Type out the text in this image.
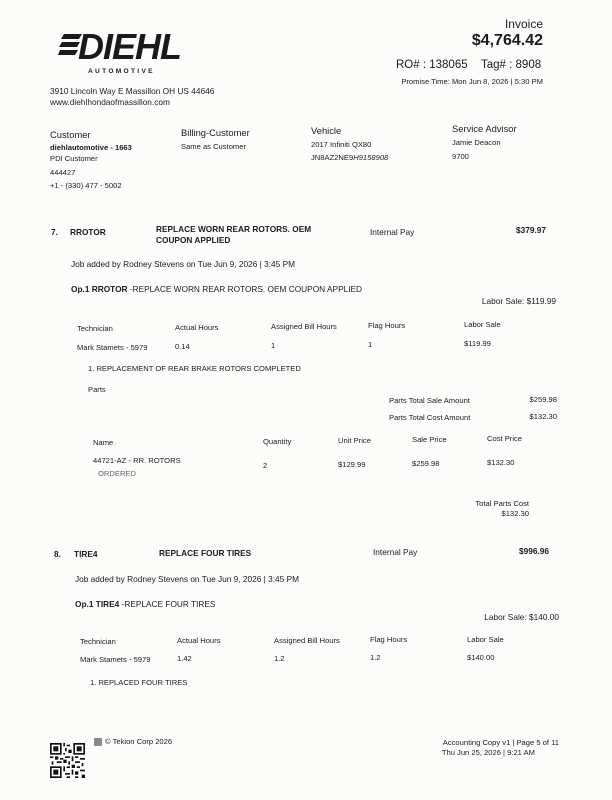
DIEHL
AUTOMOTIVE
3910 Lincoln Way E Massillon OH US 44646
www.diehlhondaofmassillon.com
Invoice
$4,764.42
RO# : 138065 Tag# : 8908
Promise Time: Mon Jun 8, 2026 | 5:30 PM
Customer
diehlautomotive - 1663
PDI Customer
444427
+1 - (330) 477 - 5002
Billing-Customer
Same as Customer
Vehicle
2017 Infiniti QX80
JN8AZ2NE9H9158908
Service Advisor
Jamie Deacon
9700
7. RROTOR	REPLACE WORN REAR ROTORS. OEM
COUPON APPLIED
Internal Pay	$379.97
Job added by Rodney Stevens on Tue Jun 9, 2026 | 3:45 PM
Op.1 RROTOR -REPLACE WORN REAR ROTORS. OEM COUPON APPLIED
Labor Sale: $119.99
Technician	Actual Hours	Assigned Bill Hours	Flag Hours	Labor Sale
Mark Stamets - 5979	0.14	1	1	$119.99
1. REPLACEMENT OF REAR BRAKE ROTORS COMPLETED
Parts
Parts Total Sale Amount	$259.98
Parts Total Cost Amount	$132.30
Name	Quantity	Unit Price	Sale Price	Cost Price
44721-AZ - RR. ROTORS
ORDERED
2	$129.99	$259.98	$132.30
Total Parts Cost
$132.30
8. TIRE4	REPLACE FOUR TIRES	Internal Pay	$996.96
Job added by Rodney Stevens on Tue Jun 9, 2026 | 3:45 PM
Op.1 TIRE4 -REPLACE FOUR TIRES
Labor Sale: $140.00
Technician	Actual Hours	Assigned Bill Hours	Flag Hours	Labor Sale
Mark Stamets - 5979	1.42	1.2	1.2	$140.00
1. REPLACED FOUR TIRES
© Tekion Corp 2026	Accounting Copy v1 | Page 5 of 11
Thu Jun 25, 2026 | 9:21 AM
